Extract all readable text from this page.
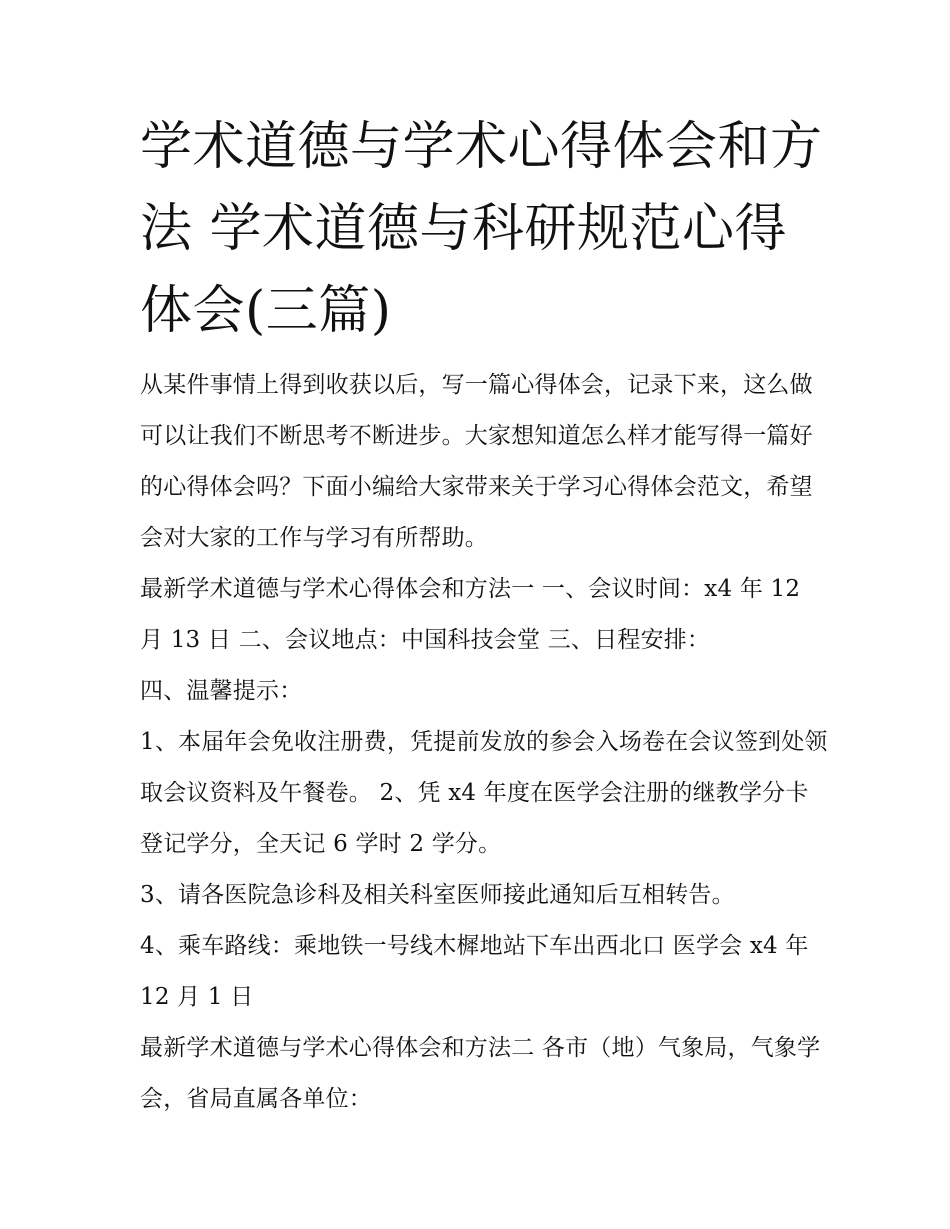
学术道德与学术心得体会和方法 学术道德与科研规范心得体会(三篇)

从某件事情上得到收获以后，写一篇心得体会，记录下来，这么做可以让我们不断思考不断进步。大家想知道怎么样才能写得一篇好的心得体会吗？下面小编给大家带来关于学习心得体会范文，希望会对大家的工作与学习有所帮助。

最新学术道德与学术心得体会和方法一 一、会议时间：x4 年 12 月 13 日 二、会议地点：中国科技会堂 三、日程安排：

四、温馨提示：

1、本届年会免收注册费，凭提前发放的参会入场卷在会议签到处领取会议资料及午餐卷。 2、凭 x4 年度在医学会注册的继教学分卡登记学分，全天记 6 学时 2 学分。

3、请各医院急诊科及相关科室医师接此通知后互相转告。

4、乘车路线：乘地铁一号线木樨地站下车出西北口 医学会 x4 年 12 月 1 日

最新学术道德与学术心得体会和方法二 各市（地）气象局，气象学会，省局直属各单位：
